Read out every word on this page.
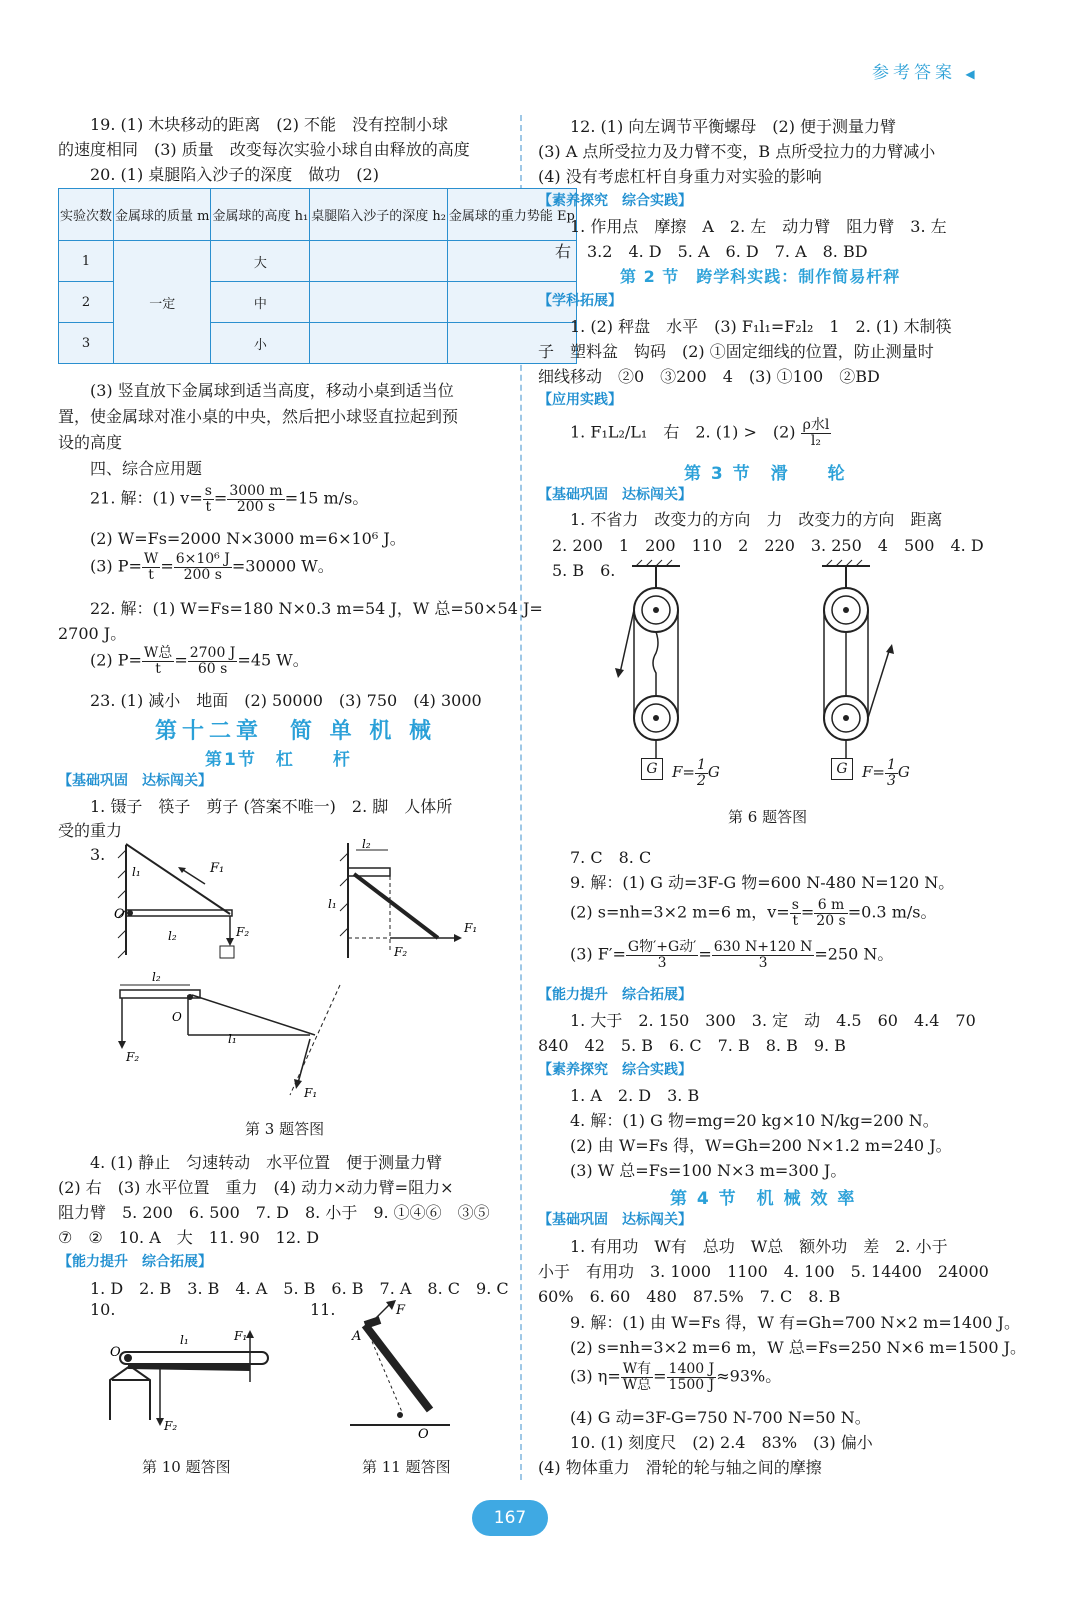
参考答案 ◀
19. (1) 木块移动的距离　(2) 不能　没有控制小球
的速度相同　(3) 质量　改变每次实验小球自由释放的高度
20. (1) 桌腿陷入沙子的深度　做功　(2)
实验次数	金属球的质量 m	金属球的高度 h₁	桌腿陷入沙子的深度 h₂	金属球的重力势能 Ep
1	一定	大		
2		中		
3		小		
(3) 竖直放下金属球到适当高度，移动小桌到适当位
置，使金属球对准小桌的中央，然后把小球竖直拉起到预
设的高度
四、综合应用题
21. 解：(1) $v= \frac{s}{t} = \frac{3000 m}{200 s} =15$ m/s。
(2) W=Fs=2000 N×3000 m=6×10⁶ J。
(3) $P= \frac{W}{t} = \frac{\text{6×10⁶ J}}{200 s} =30000$ W。
22. 解：(1) W=Fs=180 N×0.3 m=54 J，W 总=50×54 J=
2700 J。
(2) $P= \frac{\text{W总}}{t} = \frac{2700 J}{60 s} =45$ W。
23. (1) 减小　地面　(2) 50000　(3) 750　(4) 3000
第十二章　简 单 机 械
第1节　杠　　杆
【基础巩固　达标闯关】
1. 镊子　筷子　剪子 (答案不唯一)　2. 脚　人体所
受的重力
3.
F₁
F₂
l₁
l₂
O
l₂
F₁
l₁
F₂
l₂
F₂
O
l₁
F₁
第 3 题答图
4. (1) 静止　匀速转动　水平位置　便于测量力臂
(2) 右　(3) 水平位置　重力　(4) 动力×动力臂=阻力×
阻力臂　5. 200　6. 500　7. D　8. 小于　9. ①④⑥　③⑤
⑦　②　10. A　大　11. 90　12. D
【能力提升　综合拓展】
1. D　2. B　3. B　4. A　5. B　6. B　7. A　8. C　9. C
10.	11.
O
l₁	F₁
F₂
F
A
O
第 10 题答图	第 11 题答图
12. (1) 向左调节平衡螺母　(2) 便于测量力臂
(3) A 点所受拉力及力臂不变，B 点所受拉力的力臂减小
(4) 没有考虑杠杆自身重力对实验的影响
【素养探究　综合实践】
1. 作用点　摩擦　A　2. 左　动力臂　阻力臂　3. 左
右　3.2　4. D　5. A　6. D　7. A　8. BD
第 2 节　跨学科实践：制作简易杆秤
【学科拓展】
1. (2) 秤盘　水平　(3) F₁l₁=F₂l₂　1　2. (1) 木制筷
子　塑料盆　钩码　(2) ①固定细线的位置，防止测量时
细线移动　②0　③200　4　(3) ①100　②BD
【应用实践】
1. F₁L₂/L₁　右　2. (1) >　$(2) \frac{\text{ρ水l}}{\text{l₂}}$
第 3 节　滑　　轮
【基础巩固　达标闯关】
1. 不省力　改变力的方向　力　改变力的方向　距离
2. 200　1　200　110　2　220　3. 250　4　500　4. D
5. B　6.
G $F= \frac{1}{2}$ G	G $F= \frac{1}{3}$ G
第 6 题答图
7. C　8. C
9. 解：(1) G 动=3F-G 物=600 N-480 N=120 N。
(2) s=nh=3×2 m=6 m，$v= \frac{s}{t} = \frac{6 m}{20 s} =0.3$ m/s。
(3) $F'= \frac{\text{G物′+G动′}}{3} = \frac{630 N+120 N}{3} =250$ N。
【能力提升　综合拓展】
1. 大于　2. 150　300　3. 定　动　4.5　60　4.4　70
840　42　5. B　6. C　7. B　8. B　9. B
【素养探究　综合实践】
1. A　2. D　3. B
4. 解：(1) G 物=mg=20 kg×10 N/kg=200 N。
(2) 由 W=Fs 得，W=Gh=200 N×1.2 m=240 J。
(3) W 总=Fs=100 N×3 m=300 J。
第 4 节　机 械 效 率
【基础巩固　达标闯关】
1. 有用功　W有　总功　W总　额外功　差　2. 小于
小于　有用功　3. 1000　1100　4. 100　5. 14400　24000
60%　6. 60　480　87.5%　7. C　8. B
9. 解：(1) 由 W=Fs 得，W 有=Gh=700 N×2 m=1400 J。
(2) s=nh=3×2 m=6 m，W 总=Fs=250 N×6 m=1500 J。
(3) $\eta= \frac{\text{W有}}{\text{W总}} = \frac{1400 J}{1500 J} \approx 93\%$。
(4) G 动=3F-G=750 N-700 N=50 N。
10. (1) 刻度尺　(2) 2.4　83%　(3) 偏小
(4) 物体重力　滑轮的轮与轴之间的摩擦
167
